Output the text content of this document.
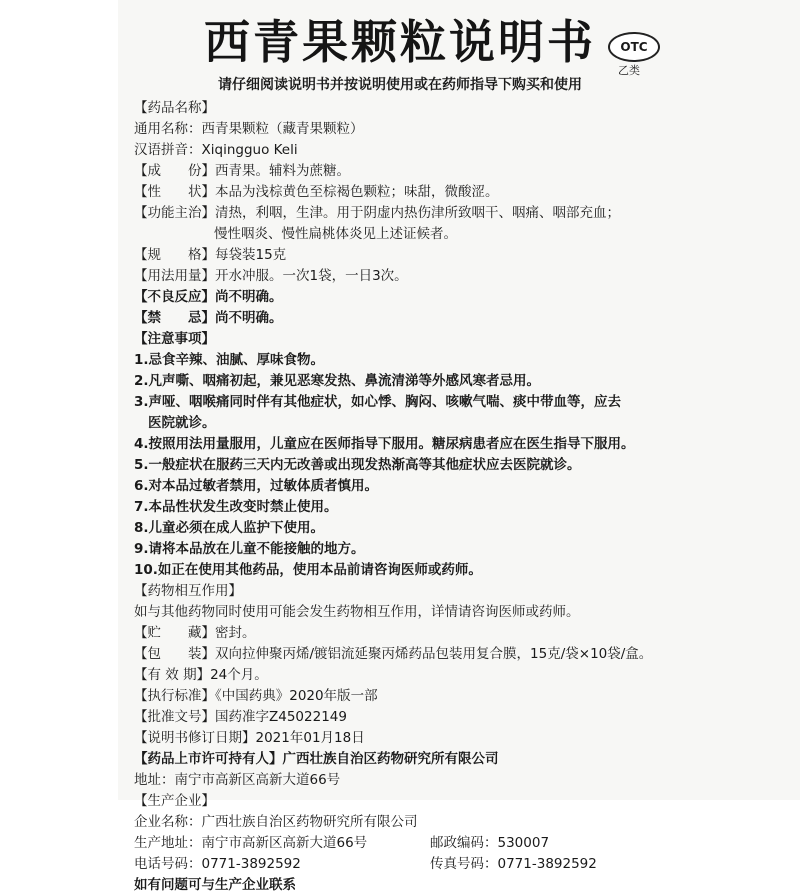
西青果颗粒说明书	OTC
乙类
请仔细阅读说明书并按说明使用或在药师指导下购买和使用
【药品名称】
通用名称：西青果颗粒（藏青果颗粒）
汉语拼音：Xiqingguo Keli
【成　　份】西青果。辅料为蔗糖。
【性　　状】本品为浅棕黄色至棕褐色颗粒；味甜，微酸涩。
【功能主治】清热，利咽，生津。用于阴虚内热伤津所致咽干、咽痛、咽部充血；
慢性咽炎、慢性扁桃体炎见上述证候者。
【规　　格】每袋装15克
【用法用量】开水冲服。一次1袋，一日3次。
【不良反应】尚不明确。
【禁　　忌】尚不明确。
【注意事项】
1.忌食辛辣、油腻、厚味食物。
2.凡声嘶、咽痛初起，兼见恶寒发热、鼻流清涕等外感风寒者忌用。
3.声哑、咽喉痛同时伴有其他症状，如心悸、胸闷、咳嗽气喘、痰中带血等，应去
医院就诊。
4.按照用法用量服用，儿童应在医师指导下服用。糖尿病患者应在医生指导下服用。
5.一般症状在服药三天内无改善或出现发热渐高等其他症状应去医院就诊。
6.对本品过敏者禁用，过敏体质者慎用。
7.本品性状发生改变时禁止使用。
8.儿童必须在成人监护下使用。
9.请将本品放在儿童不能接触的地方。
10.如正在使用其他药品，使用本品前请咨询医师或药师。
【药物相互作用】
如与其他药物同时使用可能会发生药物相互作用，详情请咨询医师或药师。
【贮　　藏】密封。
【包　　装】双向拉伸聚丙烯/镀铝流延聚丙烯药品包装用复合膜，15克/袋×10袋/盒。
【有 效 期】24个月。
【执行标准】《中国药典》2020年版一部
【批准文号】国药准字Z45022149
【说明书修订日期】2021年01月18日
【药品上市许可持有人】广西壮族自治区药物研究所有限公司
地址：南宁市高新区高新大道66号
【生产企业】
企业名称：广西壮族自治区药物研究所有限公司
生产地址：南宁市高新区高新大道66号	邮政编码：530007
电话号码：0771-3892592	传真号码：0771-3892592
如有问题可与生产企业联系
